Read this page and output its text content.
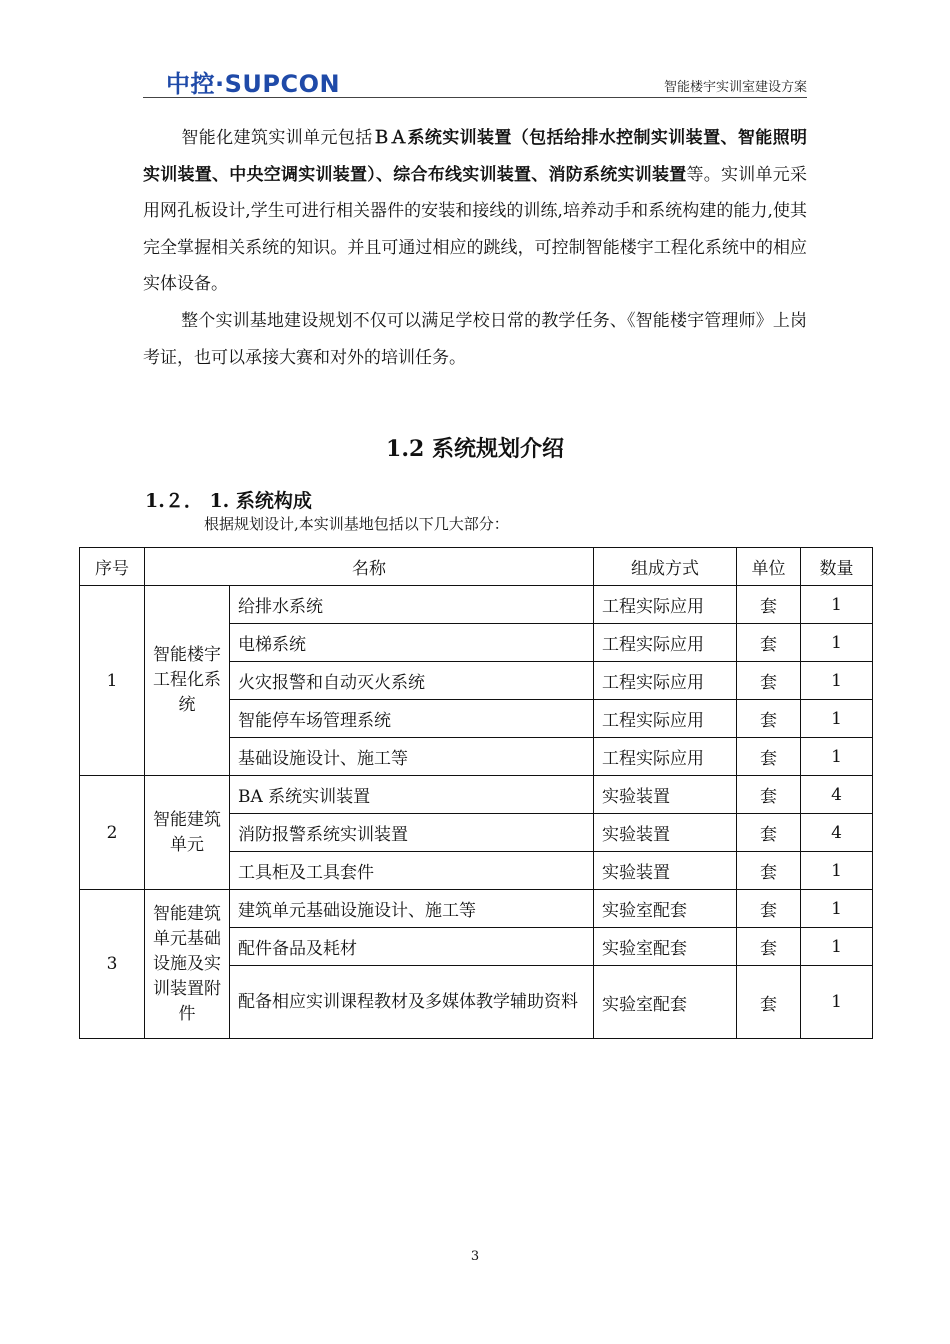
中控·SUPCON	智能楼宇实训室建设方案
智能化建筑实训单元包括ＢＡ系统实训装置（包括给排水控制实训装置、智能照明实训装置、中央空调实训装置）、综合布线实训装置、消防系统实训装置等。实训单元采用网孔板设计,学生可进行相关器件的安装和接线的训练,培养动手和系统构建的能力,使其完全掌握相关系统的知识。并且可通过相应的跳线，可控制智能楼宇工程化系统中的相应实体设备。
整个实训基地建设规划不仅可以满足学校日常的教学任务、《智能楼宇管理师》上岗考证，也可以承接大赛和对外的培训任务。
1.2 系统规划介绍
1.２． 1. 系统构成
根据规划设计,本实训基地包括以下几大部分：
序号	名称		组成方式	单位	数量
1	智能楼宇工程化系统	给排水系统	工程实际应用	套	1
		电梯系统	工程实际应用	套	1
		火灾报警和自动灭火系统	工程实际应用	套	1
		智能停车场管理系统	工程实际应用	套	1
		基础设施设计、施工等	工程实际应用	套	1
2	智能建筑单元	BA 系统实训装置	实验装置	套	4
		消防报警系统实训装置	实验装置	套	4
		工具柜及工具套件	实验装置	套	1
3	智能建筑单元基础设施及实训装置附件	建筑单元基础设施设计、施工等	实验室配套	套	1
		配件备品及耗材	实验室配套	套	1
		配备相应实训课程教材及多媒体教学辅助资料	实验室配套	套	1
3
